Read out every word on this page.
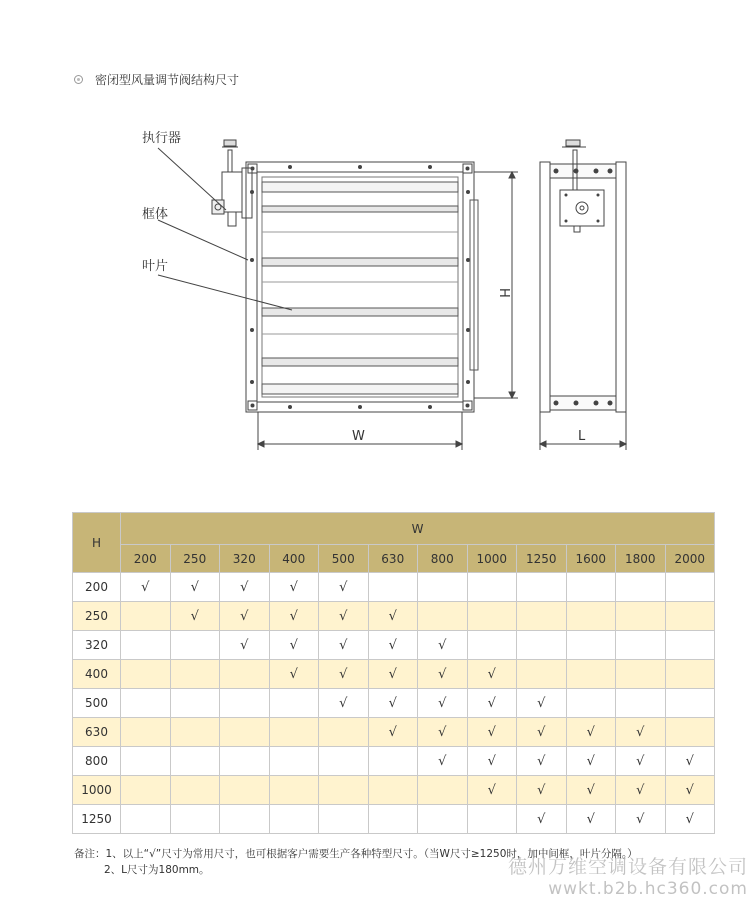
密闭型风量调节阀结构尺寸
执行器
框体
叶片
W
H
L
H	W											
	200	250	320	400	500	630	800	1000	1250	1600	1800	2000
200	√	√	√	√	√							
250		√	√	√	√	√						
320			√	√	√	√	√					
400				√	√	√	√	√				
500					√	√	√	√	√			
630						√	√	√	√	√	√	
800							√	√	√	√	√	√
1000								√	√	√	√	√
1250									√	√	√	√
备注：1、以上“√”尺寸为常用尺寸，也可根据客户需要生产各种特型尺寸。（当W尺寸≥1250时，加中间框，叶片分隔。）
2、L尺寸为180mm。	德州万维空调设备有限公司
wwkt.b2b.hc360.com
